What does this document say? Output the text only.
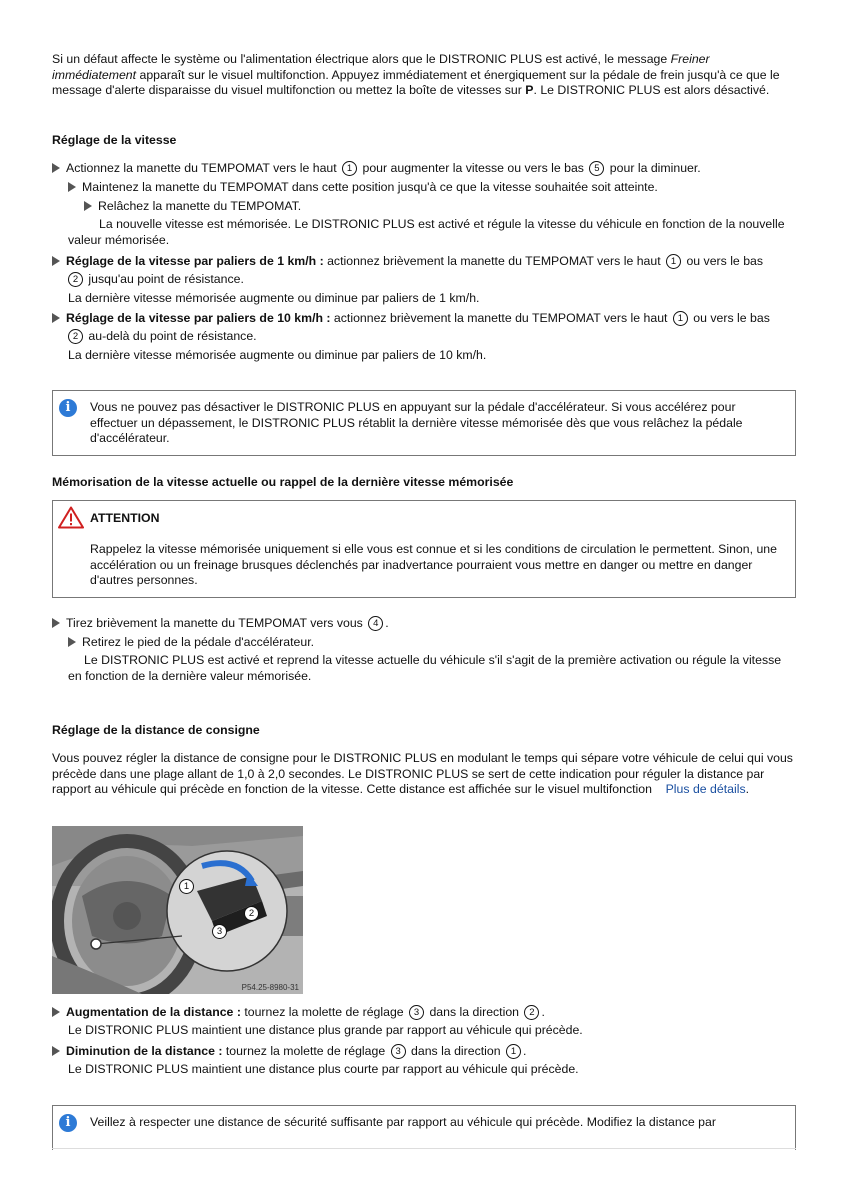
Si un défaut affecte le système ou l'alimentation électrique alors que le DISTRONIC PLUS est activé, le message Freiner immédiatement apparaît sur le visuel multifonction. Appuyez immédiatement et énergiquement sur la pédale de frein jusqu'à ce que le message d'alerte disparaisse du visuel multifonction ou mettez la boîte de vitesses sur P. Le DISTRONIC PLUS est alors désactivé.
Réglage de la vitesse
Actionnez la manette du TEMPOMAT vers le haut 1 pour augmenter la vitesse ou vers le bas 5 pour la diminuer.
Maintenez la manette du TEMPOMAT dans cette position jusqu'à ce que la vitesse souhaitée soit atteinte.
Relâchez la manette du TEMPOMAT.
La nouvelle vitesse est mémorisée. Le DISTRONIC PLUS est activé et régule la vitesse du véhicule en fonction de la nouvelle valeur mémorisée.
Réglage de la vitesse par paliers de 1 km/h : actionnez brièvement la manette du TEMPOMAT vers le haut 1 ou vers le bas
2 jusqu'au point de résistance.
La dernière vitesse mémorisée augmente ou diminue par paliers de 1 km/h.
Réglage de la vitesse par paliers de 10 km/h : actionnez brièvement la manette du TEMPOMAT vers le haut 1 ou vers le bas
2 au-delà du point de résistance.
La dernière vitesse mémorisée augmente ou diminue par paliers de 10 km/h.
i	Vous ne pouvez pas désactiver le DISTRONIC PLUS en appuyant sur la pédale d'accélérateur. Si vous accélérez pour effectuer un dépassement, le DISTRONIC PLUS rétablit la dernière vitesse mémorisée dès que vous relâchez la pédale d'accélérateur.
Mémorisation de la vitesse actuelle ou rappel de la dernière vitesse mémorisée
ATTENTION
Rappelez la vitesse mémorisée uniquement si elle vous est connue et si les conditions de circulation le permettent. Sinon, une accélération ou un freinage brusques déclenchés par inadvertance pourraient vous mettre en danger ou mettre en danger d'autres personnes.
Tirez brièvement la manette du TEMPOMAT vers vous 4 .
Retirez le pied de la pédale d'accélérateur.
Le DISTRONIC PLUS est activé et reprend la vitesse actuelle du véhicule s'il s'agit de la première activation ou régule la vitesse en fonction de la dernière valeur mémorisée.
Réglage de la distance de consigne
Vous pouvez régler la distance de consigne pour le DISTRONIC PLUS en modulant le temps qui sépare votre véhicule de celui qui vous précède dans une plage allant de 1,0 à 2,0 secondes. Le DISTRONIC PLUS se sert de cette indication pour réguler la distance par rapport au véhicule qui précède en fonction de la vitesse. Cette distance est affichée sur le visuel multifonction Plus de détails.
1
2
3
P54.25-8980-31
Augmentation de la distance : tournez la molette de réglage 3 dans la direction 2 .
Le DISTRONIC PLUS maintient une distance plus grande par rapport au véhicule qui précède.
Diminution de la distance : tournez la molette de réglage 3 dans la direction 1 .
Le DISTRONIC PLUS maintient une distance plus courte par rapport au véhicule qui précède.
i	Veillez à respecter une distance de sécurité suffisante par rapport au véhicule qui précède. Modifiez la distance par
